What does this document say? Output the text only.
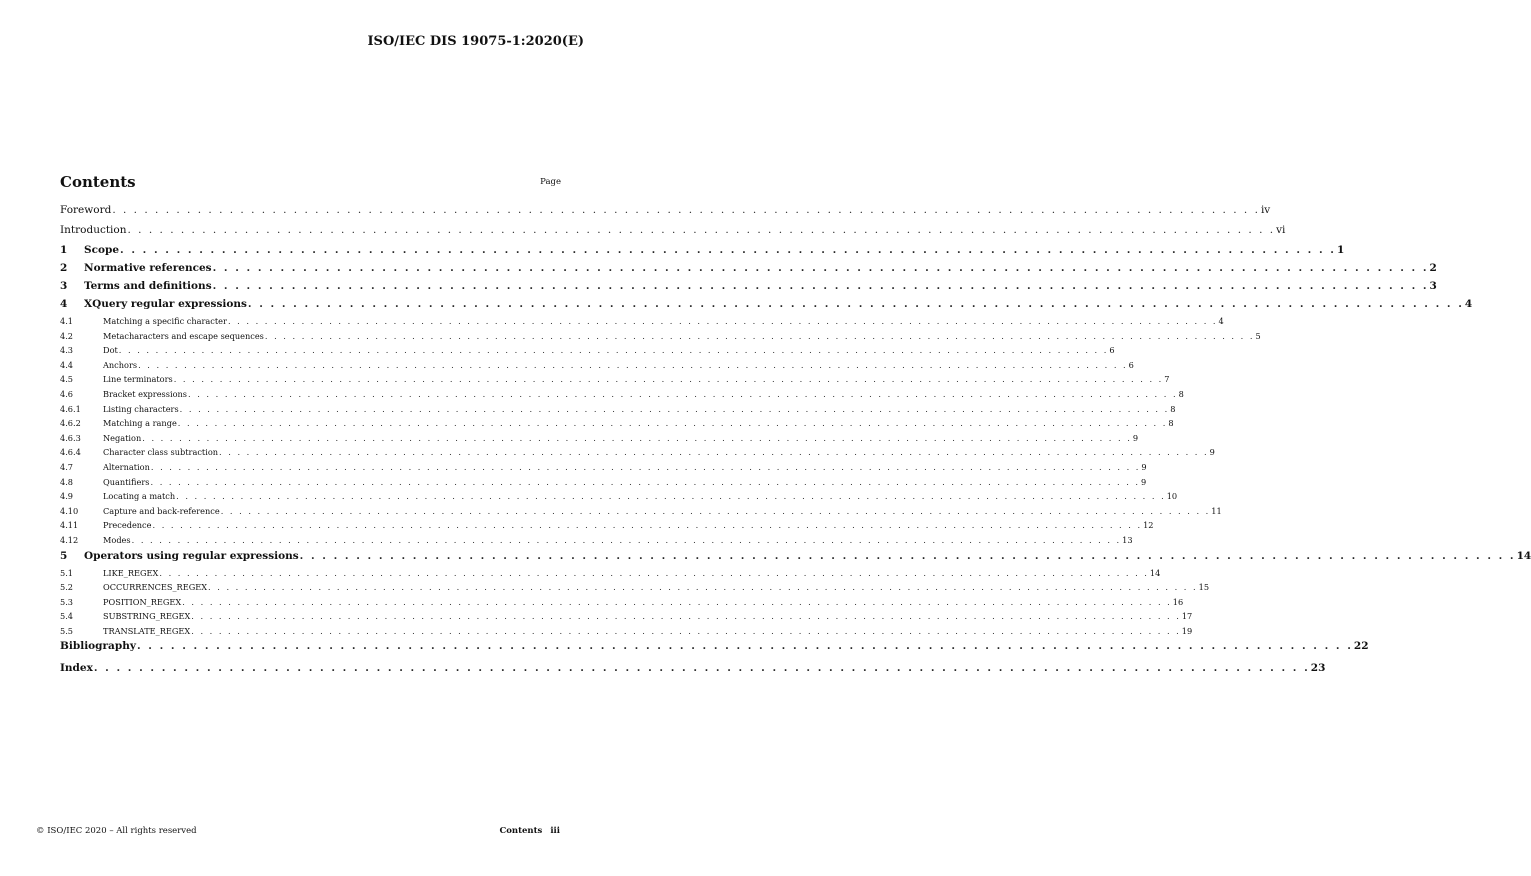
ISO/IEC DIS 19075-1:2020(E)
Contents	Page
Foreword . . . . . . . . . . . . . . . . . . . . . . . . . . . . . . . . . . . . . . . . . . . . . . . . . . . . . . . . . . . . . . . . . . . . . . . . . . . . . . . . . . . . . . . . . . . . . . . . . . . . . . . . . . . . iv
Introduction . . . . . . . . . . . . . . . . . . . . . . . . . . . . . . . . . . . . . . . . . . . . . . . . . . . . . . . . . . . . . . . . . . . . . . . . . . . . . . . . . . . . . . . . . . . . . . . . . . . . . . . . . . . . vi
1	Scope . . . . . . . . . . . . . . . . . . . . . . . . . . . . . . . . . . . . . . . . . . . . . . . . . . . . . . . . . . . . . . . . . . . . . . . . . . . . . . . . . . . . . . . . . . . . . . . . . . . . . . . . . . . . 1
2	Normative references . . . . . . . . . . . . . . . . . . . . . . . . . . . . . . . . . . . . . . . . . . . . . . . . . . . . . . . . . . . . . . . . . . . . . . . . . . . . . . . . . . . . . . . . . . . . . . . . . . . . . . . . . . . . 2
3	Terms and definitions . . . . . . . . . . . . . . . . . . . . . . . . . . . . . . . . . . . . . . . . . . . . . . . . . . . . . . . . . . . . . . . . . . . . . . . . . . . . . . . . . . . . . . . . . . . . . . . . . . . . . . . . . . . . 3
4	XQuery regular expressions . . . . . . . . . . . . . . . . . . . . . . . . . . . . . . . . . . . . . . . . . . . . . . . . . . . . . . . . . . . . . . . . . . . . . . . . . . . . . . . . . . . . . . . . . . . . . . . . . . . . . . . . . . . . 4
4.1	Matching a specific character . . . . . . . . . . . . . . . . . . . . . . . . . . . . . . . . . . . . . . . . . . . . . . . . . . . . . . . . . . . . . . . . . . . . . . . . . . . . . . . . . . . . . . . . . . . . . . . . . . . . . . . . . . . . 4
4.2	Metacharacters and escape sequences . . . . . . . . . . . . . . . . . . . . . . . . . . . . . . . . . . . . . . . . . . . . . . . . . . . . . . . . . . . . . . . . . . . . . . . . . . . . . . . . . . . . . . . . . . . . . . . . . . . . . . . . . . . . 5
4.3	Dot . . . . . . . . . . . . . . . . . . . . . . . . . . . . . . . . . . . . . . . . . . . . . . . . . . . . . . . . . . . . . . . . . . . . . . . . . . . . . . . . . . . . . . . . . . . . . . . . . . . . . . . . . . . . 6
4.4	Anchors . . . . . . . . . . . . . . . . . . . . . . . . . . . . . . . . . . . . . . . . . . . . . . . . . . . . . . . . . . . . . . . . . . . . . . . . . . . . . . . . . . . . . . . . . . . . . . . . . . . . . . . . . . . . 6
4.5	Line terminators . . . . . . . . . . . . . . . . . . . . . . . . . . . . . . . . . . . . . . . . . . . . . . . . . . . . . . . . . . . . . . . . . . . . . . . . . . . . . . . . . . . . . . . . . . . . . . . . . . . . . . . . . . . . 7
4.6	Bracket expressions . . . . . . . . . . . . . . . . . . . . . . . . . . . . . . . . . . . . . . . . . . . . . . . . . . . . . . . . . . . . . . . . . . . . . . . . . . . . . . . . . . . . . . . . . . . . . . . . . . . . . . . . . . . . 8
4.6.1	Listing characters . . . . . . . . . . . . . . . . . . . . . . . . . . . . . . . . . . . . . . . . . . . . . . . . . . . . . . . . . . . . . . . . . . . . . . . . . . . . . . . . . . . . . . . . . . . . . . . . . . . . . . . . . . . . 8
4.6.2	Matching a range . . . . . . . . . . . . . . . . . . . . . . . . . . . . . . . . . . . . . . . . . . . . . . . . . . . . . . . . . . . . . . . . . . . . . . . . . . . . . . . . . . . . . . . . . . . . . . . . . . . . . . . . . . . . 8
4.6.3	Negation . . . . . . . . . . . . . . . . . . . . . . . . . . . . . . . . . . . . . . . . . . . . . . . . . . . . . . . . . . . . . . . . . . . . . . . . . . . . . . . . . . . . . . . . . . . . . . . . . . . . . . . . . . . . 9
4.6.4	Character class subtraction . . . . . . . . . . . . . . . . . . . . . . . . . . . . . . . . . . . . . . . . . . . . . . . . . . . . . . . . . . . . . . . . . . . . . . . . . . . . . . . . . . . . . . . . . . . . . . . . . . . . . . . . . . . . 9
4.7	Alternation . . . . . . . . . . . . . . . . . . . . . . . . . . . . . . . . . . . . . . . . . . . . . . . . . . . . . . . . . . . . . . . . . . . . . . . . . . . . . . . . . . . . . . . . . . . . . . . . . . . . . . . . . . . . 9
4.8	Quantifiers . . . . . . . . . . . . . . . . . . . . . . . . . . . . . . . . . . . . . . . . . . . . . . . . . . . . . . . . . . . . . . . . . . . . . . . . . . . . . . . . . . . . . . . . . . . . . . . . . . . . . . . . . . . . 9
4.9	Locating a match . . . . . . . . . . . . . . . . . . . . . . . . . . . . . . . . . . . . . . . . . . . . . . . . . . . . . . . . . . . . . . . . . . . . . . . . . . . . . . . . . . . . . . . . . . . . . . . . . . . . . . . . . . . . 10
4.10	Capture and back-reference . . . . . . . . . . . . . . . . . . . . . . . . . . . . . . . . . . . . . . . . . . . . . . . . . . . . . . . . . . . . . . . . . . . . . . . . . . . . . . . . . . . . . . . . . . . . . . . . . . . . . . . . . . . . 11
4.11	Precedence . . . . . . . . . . . . . . . . . . . . . . . . . . . . . . . . . . . . . . . . . . . . . . . . . . . . . . . . . . . . . . . . . . . . . . . . . . . . . . . . . . . . . . . . . . . . . . . . . . . . . . . . . . . . 12
4.12	Modes . . . . . . . . . . . . . . . . . . . . . . . . . . . . . . . . . . . . . . . . . . . . . . . . . . . . . . . . . . . . . . . . . . . . . . . . . . . . . . . . . . . . . . . . . . . . . . . . . . . . . . . . . . . . 13
5	Operators using regular expressions . . . . . . . . . . . . . . . . . . . . . . . . . . . . . . . . . . . . . . . . . . . . . . . . . . . . . . . . . . . . . . . . . . . . . . . . . . . . . . . . . . . . . . . . . . . . . . . . . . . . . . . . . . . . 14
5.1	LIKE_REGEX . . . . . . . . . . . . . . . . . . . . . . . . . . . . . . . . . . . . . . . . . . . . . . . . . . . . . . . . . . . . . . . . . . . . . . . . . . . . . . . . . . . . . . . . . . . . . . . . . . . . . . . . . . . . 14
5.2	OCCURRENCES_REGEX . . . . . . . . . . . . . . . . . . . . . . . . . . . . . . . . . . . . . . . . . . . . . . . . . . . . . . . . . . . . . . . . . . . . . . . . . . . . . . . . . . . . . . . . . . . . . . . . . . . . . . . . . . . . 15
5.3	POSITION_REGEX . . . . . . . . . . . . . . . . . . . . . . . . . . . . . . . . . . . . . . . . . . . . . . . . . . . . . . . . . . . . . . . . . . . . . . . . . . . . . . . . . . . . . . . . . . . . . . . . . . . . . . . . . . . . 16
5.4	SUBSTRING_REGEX . . . . . . . . . . . . . . . . . . . . . . . . . . . . . . . . . . . . . . . . . . . . . . . . . . . . . . . . . . . . . . . . . . . . . . . . . . . . . . . . . . . . . . . . . . . . . . . . . . . . . . . . . . . . 17
5.5	TRANSLATE_REGEX . . . . . . . . . . . . . . . . . . . . . . . . . . . . . . . . . . . . . . . . . . . . . . . . . . . . . . . . . . . . . . . . . . . . . . . . . . . . . . . . . . . . . . . . . . . . . . . . . . . . . . . . . . . . 19
Bibliography . . . . . . . . . . . . . . . . . . . . . . . . . . . . . . . . . . . . . . . . . . . . . . . . . . . . . . . . . . . . . . . . . . . . . . . . . . . . . . . . . . . . . . . . . . . . . . . . . . . . . . . . . . . . 22
Index . . . . . . . . . . . . . . . . . . . . . . . . . . . . . . . . . . . . . . . . . . . . . . . . . . . . . . . . . . . . . . . . . . . . . . . . . . . . . . . . . . . . . . . . . . . . . . . . . . . . . . . . . . . . 23
© ISO/IEC 2020 – All rights reserved	Contents iii
